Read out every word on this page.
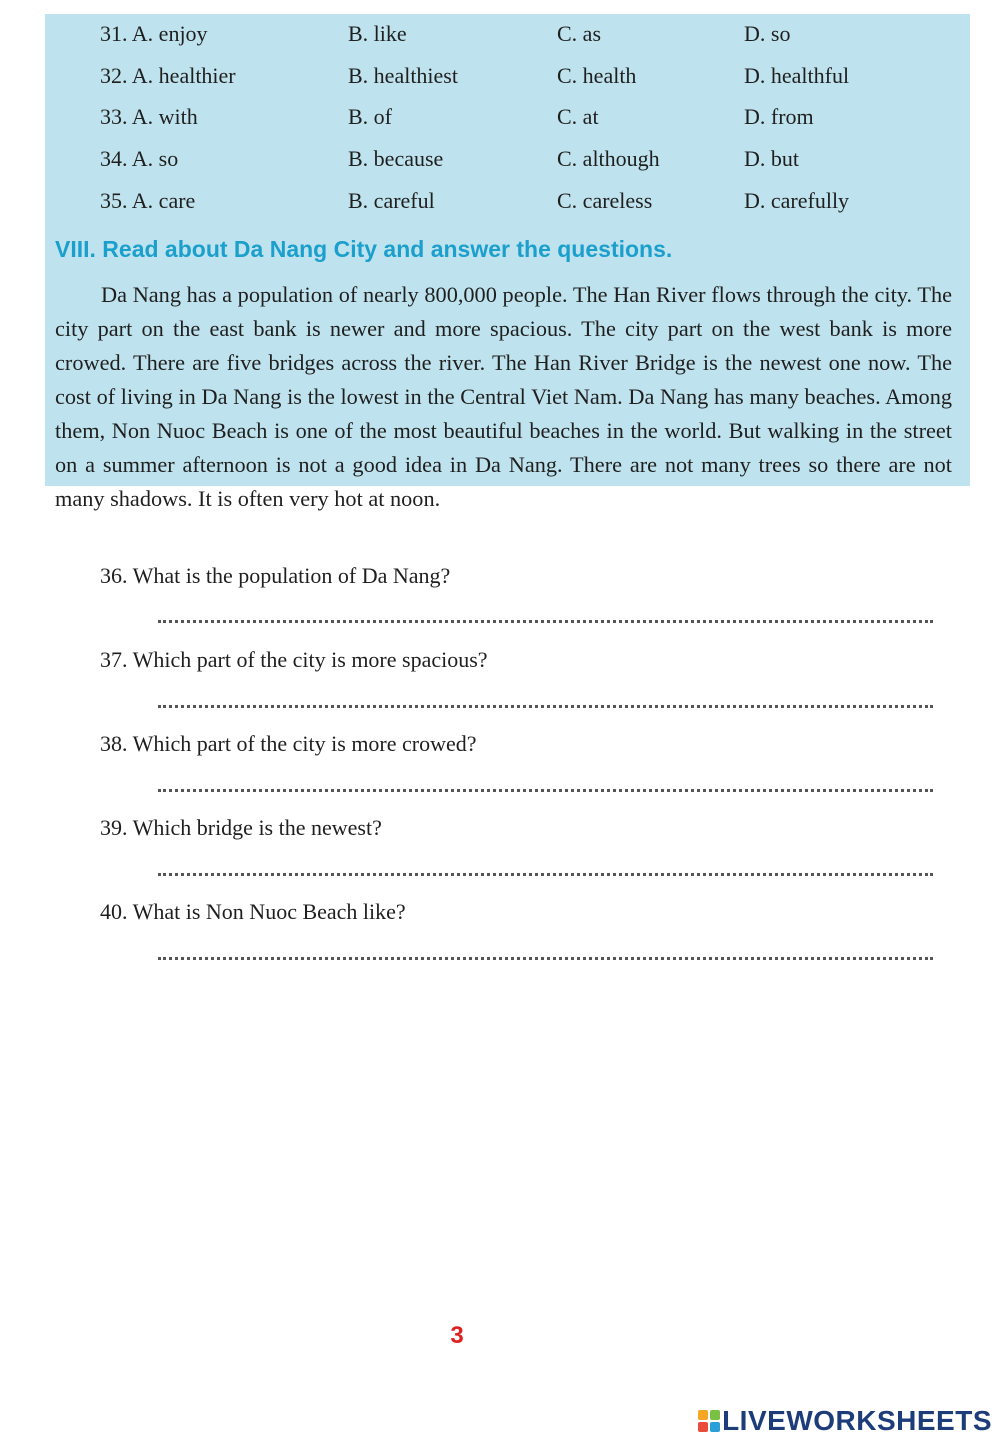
31. A. enjoy	B. like	C. as	D. so
32. A. healthier	B. healthiest	C. health	D. healthful
33. A. with	B. of	C. at	D. from
34. A. so	B. because	C. although	D. but
35. A. care	B. careful	C. careless	D. carefully
VIII. Read about Da Nang City and answer the questions.

Da Nang has a population of nearly 800,000 people. The Han River flows through the city. The city part on the east bank is newer and more spacious. The city part on the west bank is more crowed. There are five bridges across the river. The Han River Bridge is the newest one now. The cost of living in Da Nang is the lowest in the Central Viet Nam. Da Nang has many beaches. Among them, Non Nuoc Beach is one of the most beautiful beaches in the world. But walking in the street on a summer afternoon is not a good idea in Da Nang. There are not many trees so there are not many shadows. It is often very hot at noon.

36. What is the population of Da Nang?
37. Which part of the city is more spacious?
38. Which part of the city is more crowed?
39. Which bridge is the newest?
40. What is Non Nuoc Beach like?
3
LIVEWORKSHEETS
